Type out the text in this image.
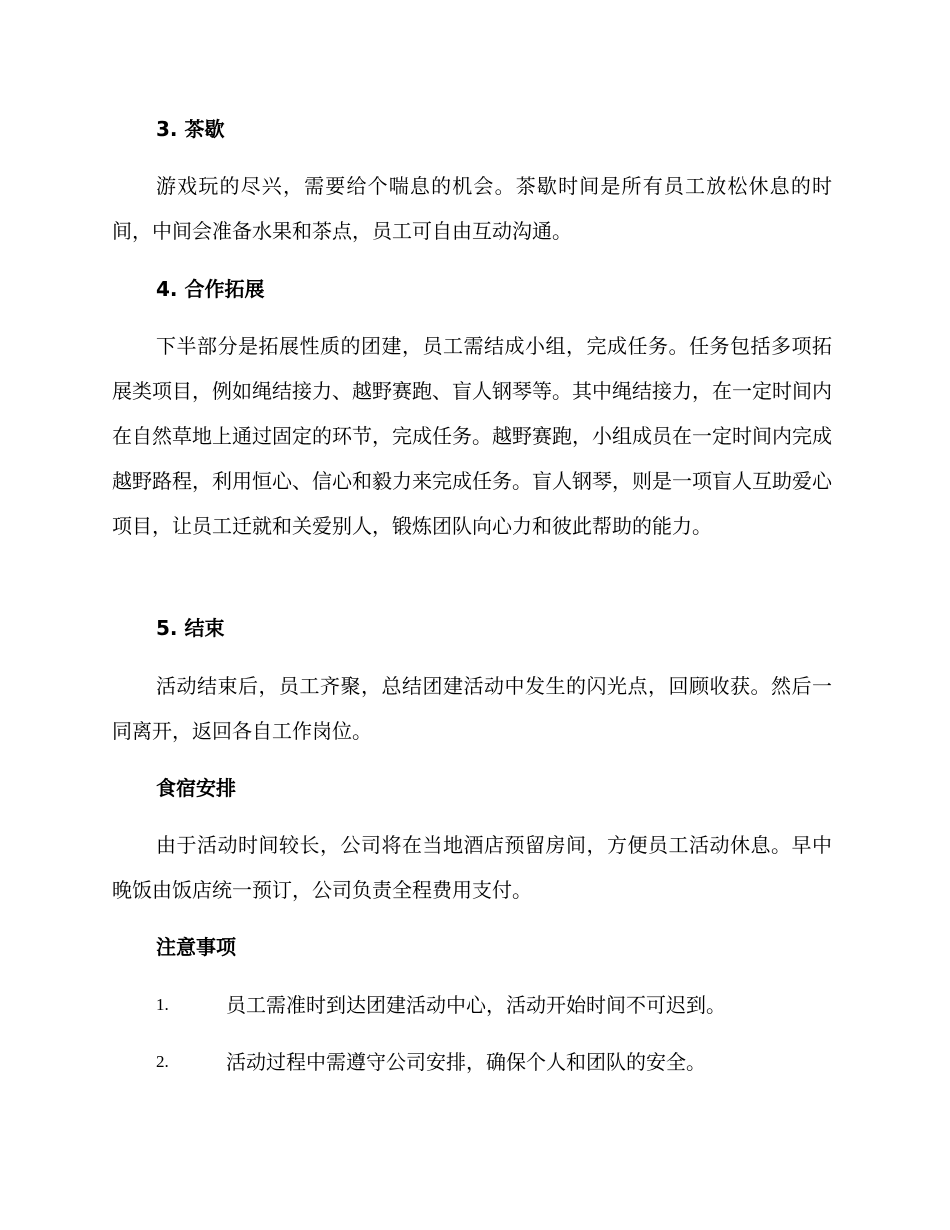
3. 茶歇

游戏玩的尽兴，需要给个喘息的机会。茶歇时间是所有员工放松休息的时间，中间会准备水果和茶点，员工可自由互动沟通。

4. 合作拓展

下半部分是拓展性质的团建，员工需结成小组，完成任务。任务包括多项拓展类项目，例如绳结接力、越野赛跑、盲人钢琴等。其中绳结接力，在一定时间内在自然草地上通过固定的环节，完成任务。越野赛跑，小组成员在一定时间内完成越野路程，利用恒心、信心和毅力来完成任务。盲人钢琴，则是一项盲人互助爱心项目，让员工迁就和关爱别人，锻炼团队向心力和彼此帮助的能力。

5. 结束

活动结束后，员工齐聚，总结团建活动中发生的闪光点，回顾收获。然后一同离开，返回各自工作岗位。

食宿安排

由于活动时间较长，公司将在当地酒店预留房间，方便员工活动休息。早中晚饭由饭店统一预订，公司负责全程费用支付。

注意事项
1.	员工需准时到达团建活动中心，活动开始时间不可迟到。
2.	活动过程中需遵守公司安排，确保个人和团队的安全。
